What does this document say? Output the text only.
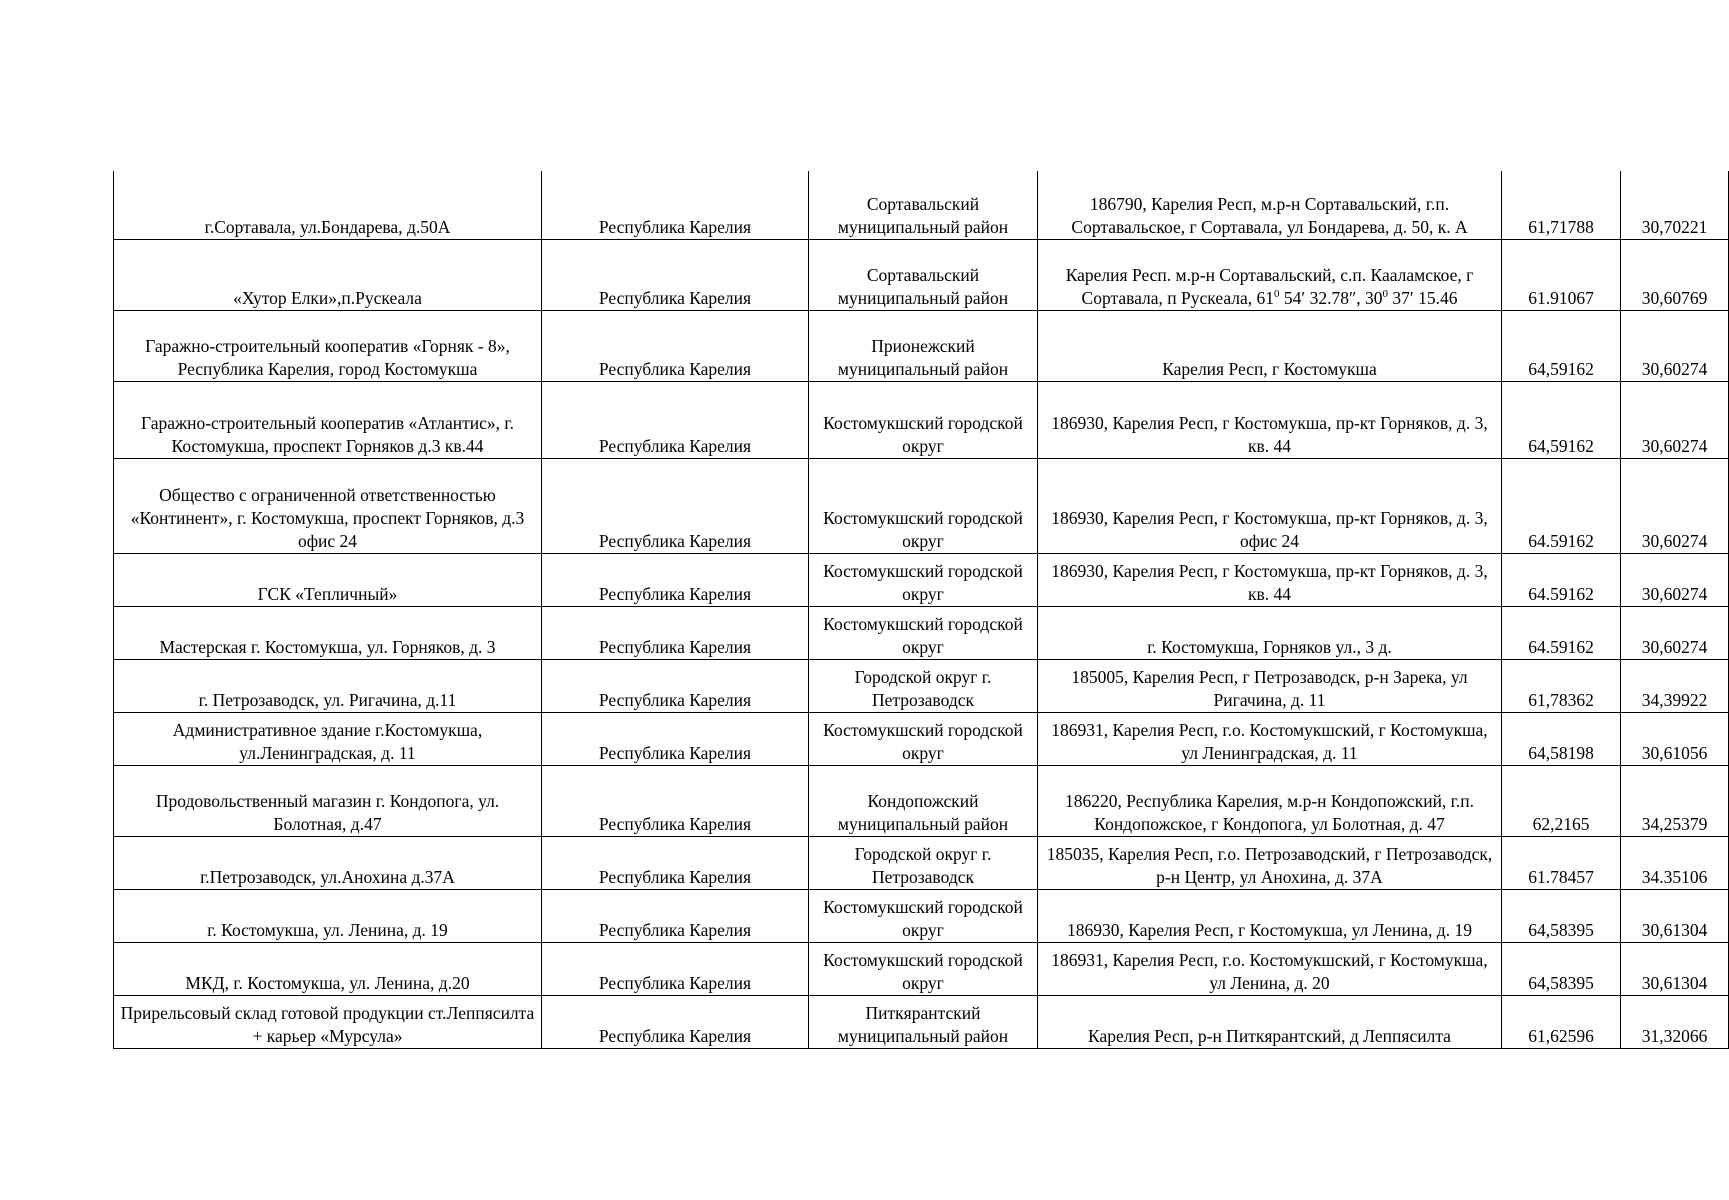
г.Сортавала, ул.Бондарева, д.50А	Республика Карелия	Сортавальский муниципальный район	186790, Карелия Респ, м.р-н Сортавальский, г.п. Сортавальское, г Сортавала, ул Бондарева, д. 50, к. А	61,71788	30,70221
«Хутор Елки»,п.Рускеала	Республика Карелия	Сортавальский муниципальный район	Карелия Респ. м.р-н Сортавальский, с.п. Кааламское, г Сортавала, п Рускеала, $61^0$ 54′ 32.78″, $30^0$ 37′ 15.46	61.91067	30,60769
Гаражно-строительный кооператив «Горняк - 8», Республика Карелия, город Костомукша	Республика Карелия	Прионежский муниципальный район	Карелия Респ, г Костомукша	64,59162	30,60274
Гаражно-строительный кооператив «Атлантис», г. Костомукша, проспект Горняков д.3 кв.44	Республика Карелия	Костомукшский городской округ	186930, Карелия Респ, г Костомукша, пр-кт Горняков, д. 3, кв. 44	64,59162	30,60274
Общество с ограниченной ответственностью «Континент», г. Костомукша, проспект Горняков, д.3 офис 24	Республика Карелия	Костомукшский городской округ	186930, Карелия Респ, г Костомукша, пр-кт Горняков, д. 3, офис 24	64.59162	30,60274
ГСК «Тепличный»	Республика Карелия	Костомукшский городской округ	186930, Карелия Респ, г Костомукша, пр-кт Горняков, д. 3, кв. 44	64.59162	30,60274
Мастерская г. Костомукша, ул. Горняков, д. 3	Республика Карелия	Костомукшский городской округ	г. Костомукша, Горняков ул., 3 д.	64.59162	30,60274
г. Петрозаводск, ул. Ригачина, д.11	Республика Карелия	Городской округ г. Петрозаводск	185005, Карелия Респ, г Петрозаводск, р-н Зарека, ул Ригачина, д. 11	61,78362	34,39922
Административное здание г.Костомукша, ул.Ленинградская, д. 11	Республика Карелия	Костомукшский городской округ	186931, Карелия Респ, г.о. Костомукшский, г Костомукша, ул Ленинградская, д. 11	64,58198	30,61056
Продовольственный магазин г. Кондопога, ул. Болотная, д.47	Республика Карелия	Кондопожский муниципальный район	186220, Республика Карелия, м.р-н Кондопожский, г.п. Кондопожское, г Кондопога, ул Болотная, д. 47	62,2165	34,25379
г.Петрозаводск, ул.Анохина д.37А	Республика Карелия	Городской округ г. Петрозаводск	185035, Карелия Респ, г.о. Петрозаводский, г Петрозаводск, р-н Центр, ул Анохина, д. 37А	61.78457	34.35106
г. Костомукша, ул. Ленина, д. 19	Республика Карелия	Костомукшский городской округ	186930, Карелия Респ, г Костомукша, ул Ленина, д. 19	64,58395	30,61304
МКД, г. Костомукша, ул. Ленина, д.20	Республика Карелия	Костомукшский городской округ	186931, Карелия Респ, г.о. Костомукшский, г Костомукша, ул Ленина, д. 20	64,58395	30,61304
Прирельсовый склад готовой продукции ст.Леппясилта + карьер «Мурсула»	Республика Карелия	Питкярантский муниципальный район	Карелия Респ, р-н Питкярантский, д Леппясилта	61,62596	31,32066
